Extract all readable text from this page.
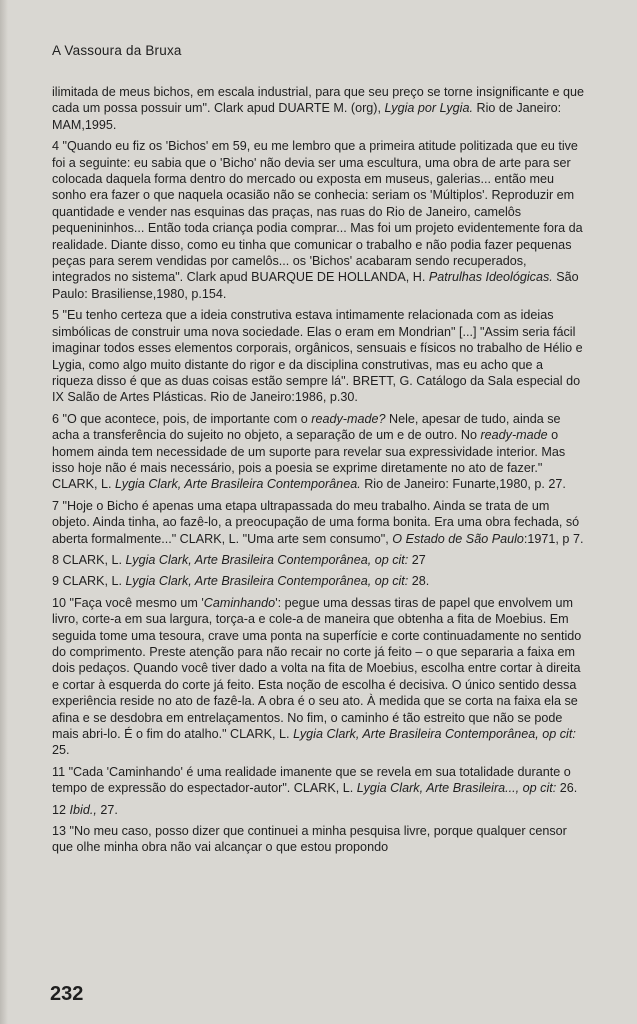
A Vassoura da Bruxa

ilimitada de meus bichos, em escala industrial, para que seu preço se torne insignificante e que cada um possa possuir um". Clark apud DUARTE M. (org), Lygia por Lygia. Rio de Janeiro: MAM,1995.

4 "Quando eu fiz os 'Bichos' em 59, eu me lembro que a primeira atitude politizada que eu tive foi a seguinte: eu sabia que o 'Bicho' não devia ser uma escultura, uma obra de arte para ser colocada daquela forma dentro do mercado ou exposta em museus, galerias... então meu sonho era fazer o que naquela ocasião não se conhecia: seriam os 'Múltiplos'. Reproduzir em quantidade e vender nas esquinas das praças, nas ruas do Rio de Janeiro, camelôs pequenininhos... Então toda criança podia comprar... Mas foi um projeto evidentemente fora da realidade. Diante disso, como eu tinha que comunicar o trabalho e não podia fazer pequenas peças para serem vendidas por camelôs... os 'Bichos' acabaram sendo recuperados, integrados no sistema". Clark apud BUARQUE DE HOLLANDA, H. Patrulhas Ideológicas. São Paulo: Brasiliense,1980, p.154.

5 "Eu tenho certeza que a ideia construtiva estava intimamente relacionada com as ideias simbólicas de construir uma nova sociedade. Elas o eram em Mondrian" [...] "Assim seria fácil imaginar todos esses elementos corporais, orgânicos, sensuais e físicos no trabalho de Hélio e Lygia, como algo muito distante do rigor e da disciplina construtivas, mas eu acho que a riqueza disso é que as duas coisas estão sempre lá". BRETT, G. Catálogo da Sala especial do IX Salão de Artes Plásticas. Rio de Janeiro:1986, p.30.

6 "O que acontece, pois, de importante com o ready-made? Nele, apesar de tudo, ainda se acha a transferência do sujeito no objeto, a separação de um e de outro. No ready-made o homem ainda tem necessidade de um suporte para revelar sua expressividade interior. Mas isso hoje não é mais necessário, pois a poesia se exprime diretamente no ato de fazer." CLARK, L. Lygia Clark, Arte Brasileira Contemporânea. Rio de Janeiro: Funarte,1980, p. 27.

7 "Hoje o Bicho é apenas uma etapa ultrapassada do meu trabalho. Ainda se trata de um objeto. Ainda tinha, ao fazê-lo, a preocupação de uma forma bonita. Era uma obra fechada, só aberta formalmente..." CLARK, L. "Uma arte sem consumo", O Estado de São Paulo:1971, p 7.

8 CLARK, L. Lygia Clark, Arte Brasileira Contemporânea, op cit: 27

9 CLARK, L. Lygia Clark, Arte Brasileira Contemporânea, op cit: 28.

10 "Faça você mesmo um 'Caminhando': pegue uma dessas tiras de papel que envolvem um livro, corte-a em sua largura, torça-a e cole-a de maneira que obtenha a fita de Moebius. Em seguida tome uma tesoura, crave uma ponta na superfície e corte continuadamente no sentido do comprimento. Preste atenção para não recair no corte já feito – o que separaria a faixa em dois pedaços. Quando você tiver dado a volta na fita de Moebius, escolha entre cortar à direita e cortar à esquerda do corte já feito. Esta noção de escolha é decisiva. O único sentido dessa experiência reside no ato de fazê-la. A obra é o seu ato. À medida que se corta na faixa ela se afina e se desdobra em entrelaçamentos. No fim, o caminho é tão estreito que não se pode mais abri-lo. É o fim do atalho." CLARK, L. Lygia Clark, Arte Brasileira Contemporânea, op cit: 25.

11 "Cada 'Caminhando' é uma realidade imanente que se revela em sua totalidade durante o tempo de expressão do espectador-autor". CLARK, L. Lygia Clark, Arte Brasileira..., op cit: 26.

12 Ibid., 27.

13 "No meu caso, posso dizer que continuei a minha pesquisa livre, porque qualquer censor que olhe minha obra não vai alcançar o que estou propondo

232
